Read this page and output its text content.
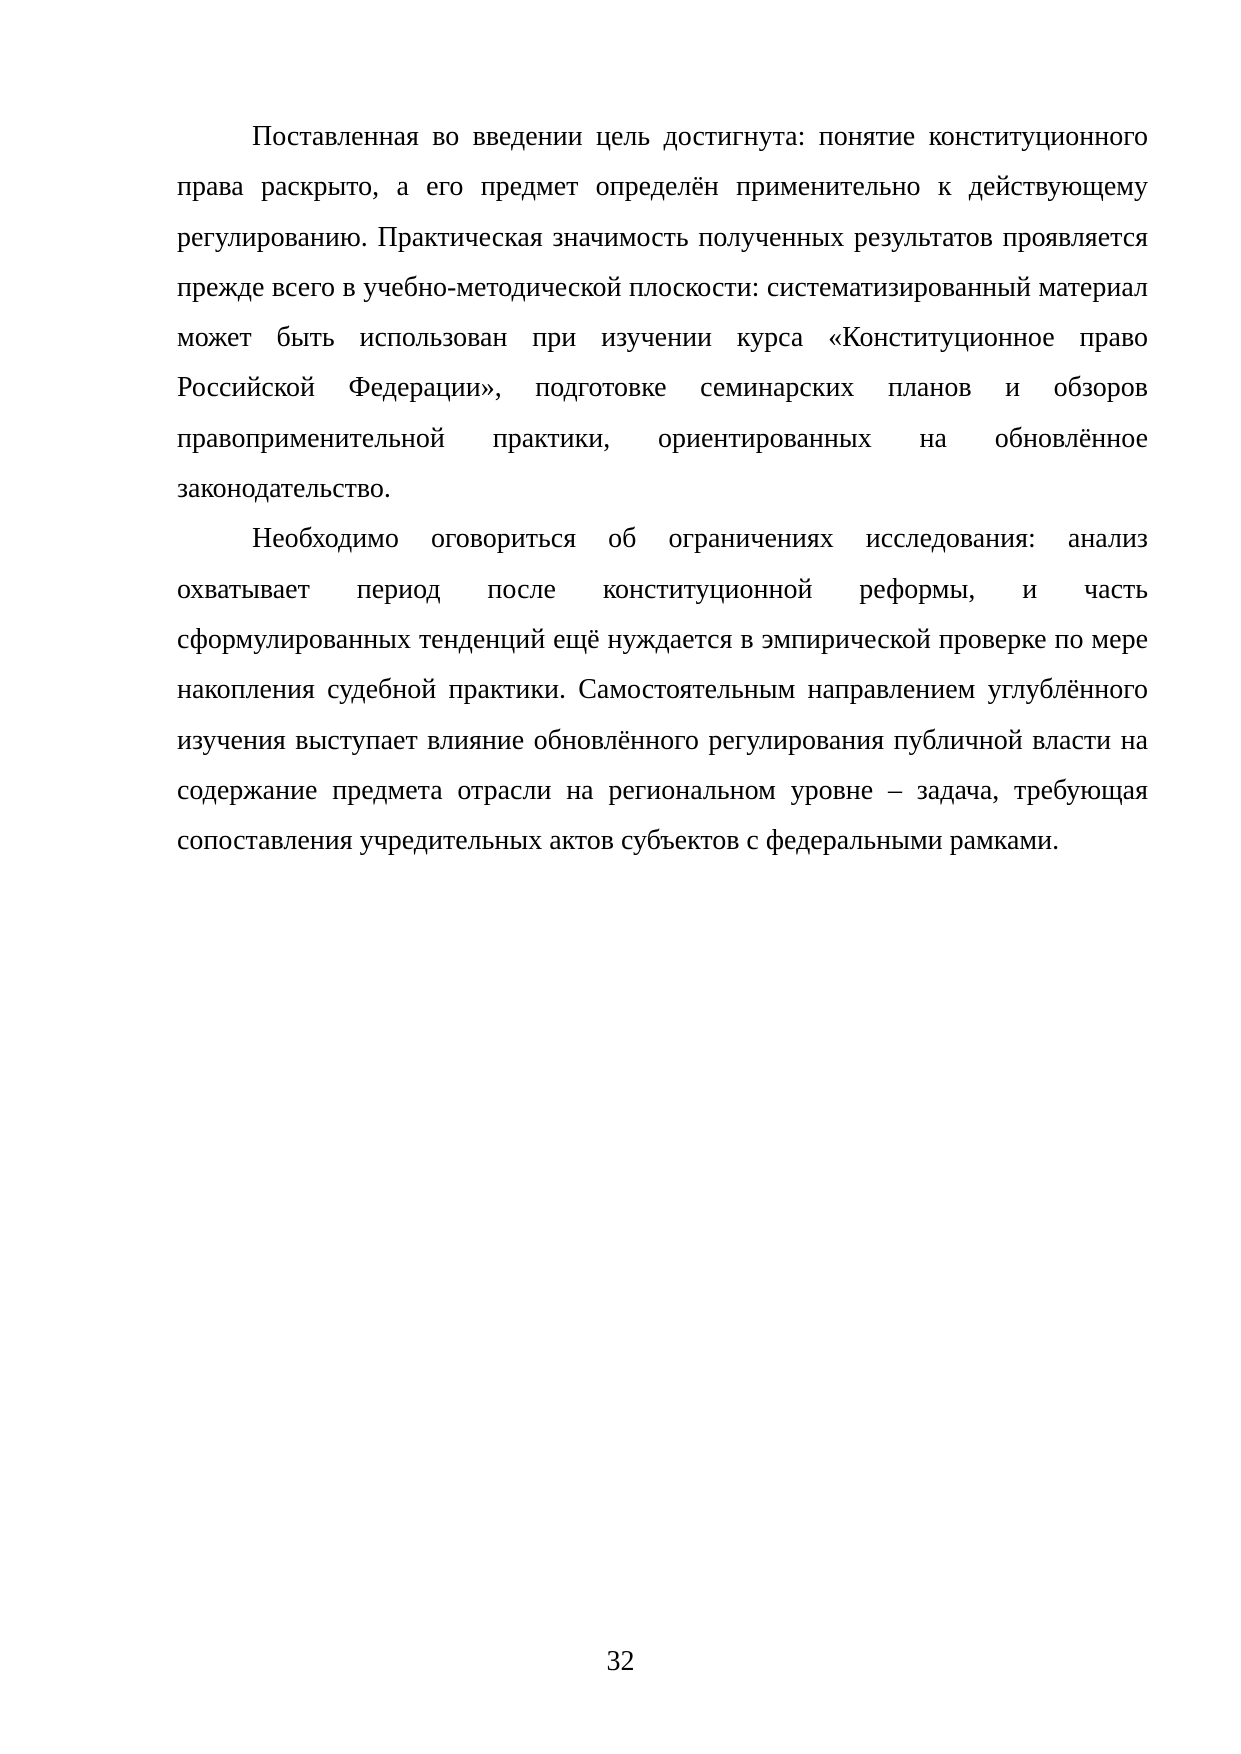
Поставленная во введении цель достигнута: понятие конституционного права раскрыто, а его предмет определён применительно к действующему регулированию. Практическая значимость полученных результатов проявляется прежде всего в учебно-методической плоскости: систематизированный материал может быть использован при изучении курса «Конституционное право Российской Федерации», подготовке семинарских планов и обзоров правоприменительной практики, ориентированных на обновлённое законодательство.

Необходимо оговориться об ограничениях исследования: анализ охватывает период после конституционной реформы, и часть сформулированных тенденций ещё нуждается в эмпирической проверке по мере накопления судебной практики. Самостоятельным направлением углублённого изучения выступает влияние обновлённого регулирования публичной власти на содержание предмета отрасли на региональном уровне – задача, требующая сопоставления учредительных актов субъектов с федеральными рамками.

32
